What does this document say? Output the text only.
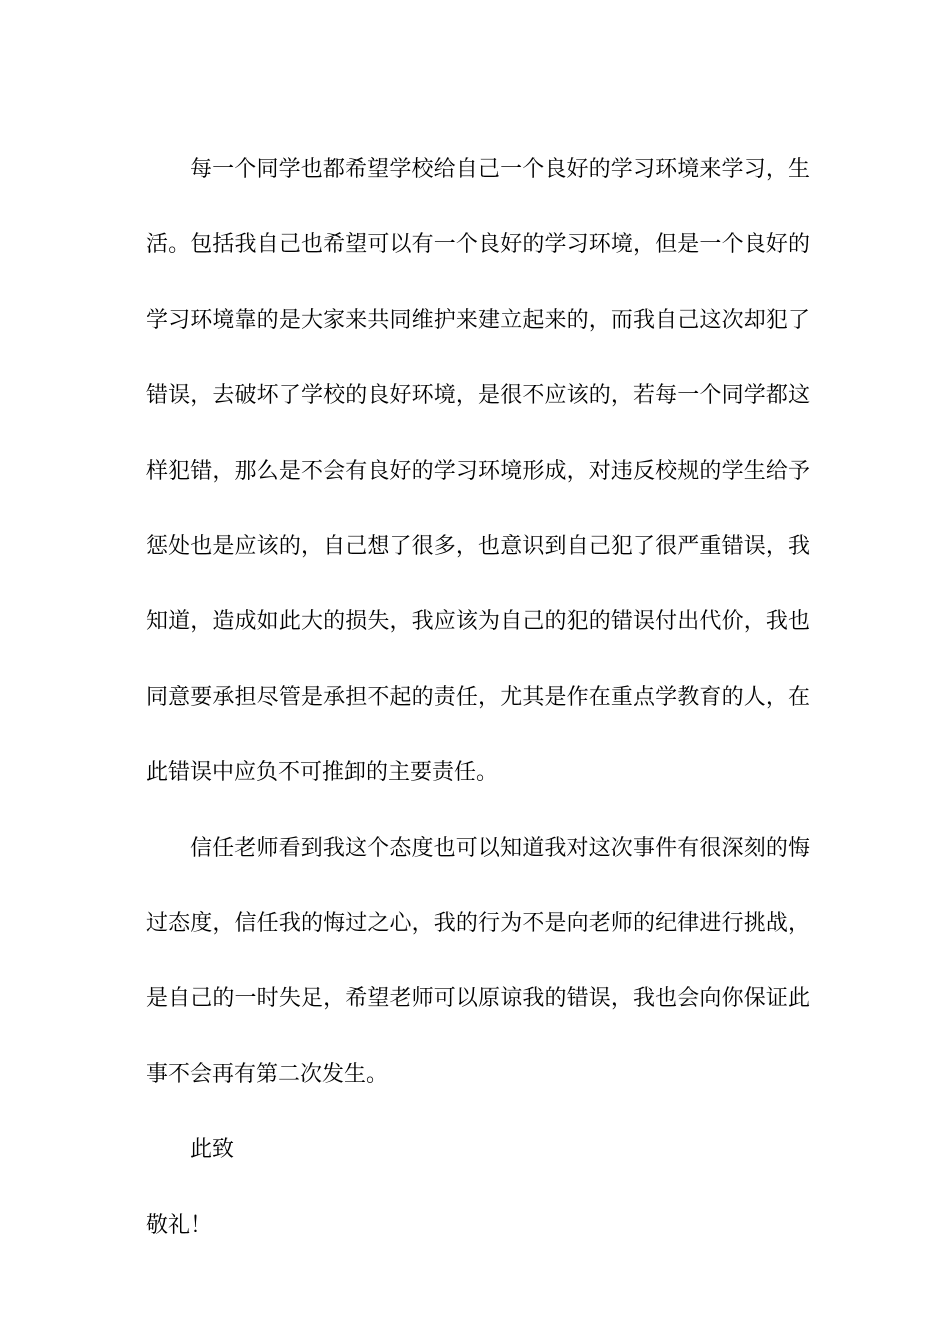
每一个同学也都希望学校给自己一个良好的学习环境来学习，生活。包括我自己也希望可以有一个良好的学习环境，但是一个良好的学习环境靠的是大家来共同维护来建立起来的，而我自己这次却犯了错误，去破坏了学校的良好环境，是很不应该的，若每一个同学都这样犯错，那么是不会有良好的学习环境形成，对违反校规的学生给予惩处也是应该的，自己想了很多，也意识到自己犯了很严重错误，我知道，造成如此大的损失，我应该为自己的犯的错误付出代价，我也同意要承担尽管是承担不起的责任，尤其是作在重点学教育的人，在此错误中应负不可推卸的主要责任。

信任老师看到我这个态度也可以知道我对这次事件有很深刻的悔过态度，信任我的悔过之心，我的行为不是向老师的纪律进行挑战，是自己的一时失足，希望老师可以原谅我的错误，我也会向你保证此事不会再有第二次发生。

此致

敬礼！
